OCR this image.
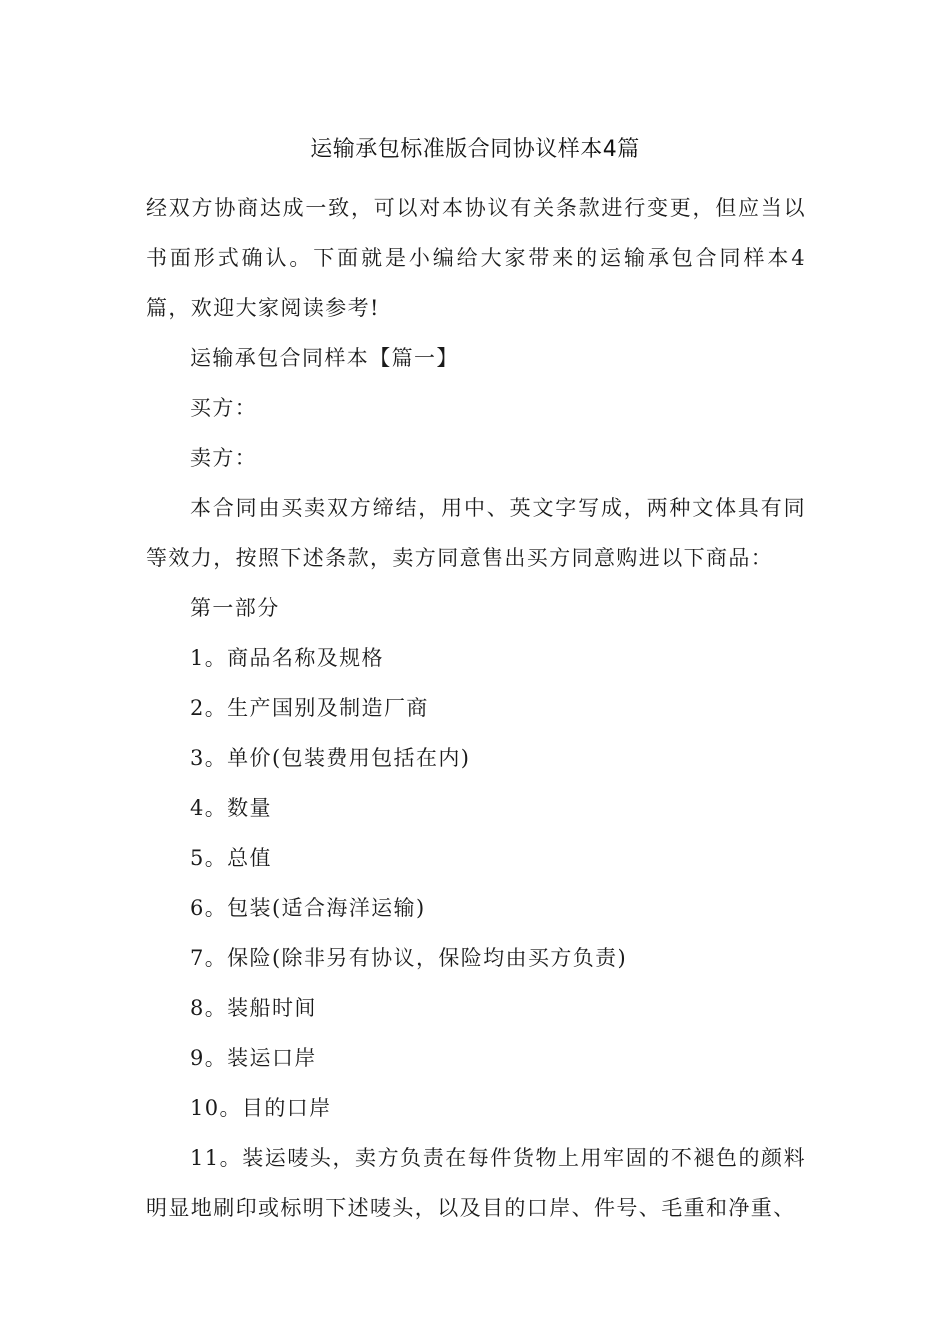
运输承包标准版合同协议样本4篇

经双方协商达成一致，可以对本协议有关条款进行变更，但应当以书面形式确认。下面就是小编给大家带来的运输承包合同样本4篇，欢迎大家阅读参考!

运输承包合同样本【篇一】

买方：

卖方：

本合同由买卖双方缔结，用中、英文字写成，两种文体具有同等效力，按照下述条款，卖方同意售出买方同意购进以下商品：

第一部分

1。商品名称及规格

2。生产国别及制造厂商

3。单价(包装费用包括在内)

4。数量

5。总值

6。包装(适合海洋运输)

7。保险(除非另有协议，保险均由买方负责)

8。装船时间

9。装运口岸

10。目的口岸

11。装运唛头，卖方负责在每件货物上用牢固的不褪色的颜料明显地刷印或标明下述唛头，以及目的口岸、件号、毛重和净重、
